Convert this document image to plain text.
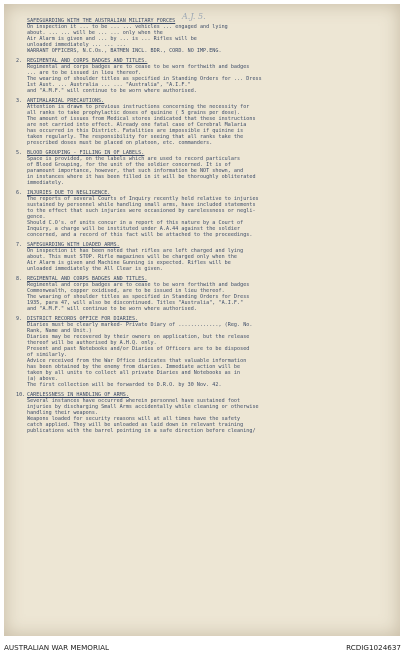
A.J. 5.
SAFEGUARDING WITH THE AUSTRALIAN MILITARY FORCES
On inspection it ... to be ... ... vehicles ... engaged and lying
about. ... ... will be ... ... only when the
Air Alarm is given and ... by ... is ... Rifles will be
unloaded immediately ... ... ...
WARRANT OFFICERS, N.C.Os., BATMEN INCL. BDR., CORD. NO IMP.ENG.
2. REGIMENTAL AND CORPS BADGES AND TITLES.
Regimental and corps badges are to cease to be worn forthwith and badges
... are to be issued in lieu thereof.
The wearing of shoulder titles as specified in Standing Orders for ... Dress
1st Aust. ... Australia ... ... "Australia", "A.I.F."
and "A.M.F." will continue to be worn where authorised.
3. ANTIMALARIAL PRECAUTIONS.
Attention is drawn to previous instructions concerning the necessity for
all ranks to take prophylactic doses of quinine ( 5 grains per dose).
The amount of issues from Medical stores indicated that these instructions
are not carried into effect. Already one fatal case of Cerebral Malaria
has occurred in this District. Fatalities are impossible if quinine is
taken regularly. The responsibility for seeing that all ranks take the
prescribed doses must be placed on platoon, etc. commanders.
5. BLOOD GROUPING - FILLING IN OF LABELS.
Space is provided, on the labels which are used to record particulars
of Blood Grouping, for the unit of the soldier concerned. It is of
paramount importance, however, that such information be NOT shown, and
in instances where it has been filled in it will be thoroughly obliterated
immediately.
6. INJURIES DUE TO NEGLIGENCE.
The reports of several Courts of Inquiry recently held relative to injuries
sustained by personnel while handling small arms, have included statements
to the effect that such injuries were occasioned by carelessness or negli-
gence.
Should C.O's. of units concur in a report of this nature by a Court of
Inquiry, a charge will be instituted under A.A.44 against the soldier
concerned, and a record of this fact will be attached to the proceedings.
7. SAFEGUARDING WITH LOADED ARMS.
On inspection it has been noted that rifles are left charged and lying
about. This must STOP. Rifle magazines will be charged only when the
Air Alarm is given and Machine Gunning is expected. Rifles will be
unloaded immediately the All Clear is given.
8. REGIMENTAL AND CORPS BADGES AND TITLES.
Regimental and corps badges are to cease to be worn forthwith and badges
Commonwealth, copper oxidised, are to be issued in lieu thereof.
The wearing of shoulder titles as specified in Standing Orders for Dress
1935, para 47, will also be discontinued. Titles "Australia", "A.I.F."
and "A.M.F." will continue to be worn where authorised.
9. DISTRICT RECORDS OFFICE FOR DIARIES.
Diaries must be clearly marked- Private Diary of ............., (Reg. No.
Rank, Name and Unit.)
Diaries may be recovered by their owners on application, but the release
thereof will be authorised by A.H.Q. only.
Present and past Notebooks and/or Diaries of Officers are to be disposed
of similarly.
Advice received from the War Office indicates that valuable information
has been obtained by the enemy from diaries. Immediate action will be
taken by all units to collect all private Diaries and Notebooks as in
(a) above.
The first collection will be forwarded to D.R.O. by 30 Nov. 42.
10. CARELESSNESS IN HANDLING OF ARMS.
Several instances have occurred wherein personnel have sustained foot
injuries by discharging Small Arms accidentally while cleaning or otherwise
handling their weapons.
Weapons loaded for security reasons will at all times have the safety
catch applied. They will be unloaded as laid down in relevant training
publications with the barrel pointing in a safe direction before cleaning/
AUSTRALIAN WAR MEMORIAL	RCDIG1024637
